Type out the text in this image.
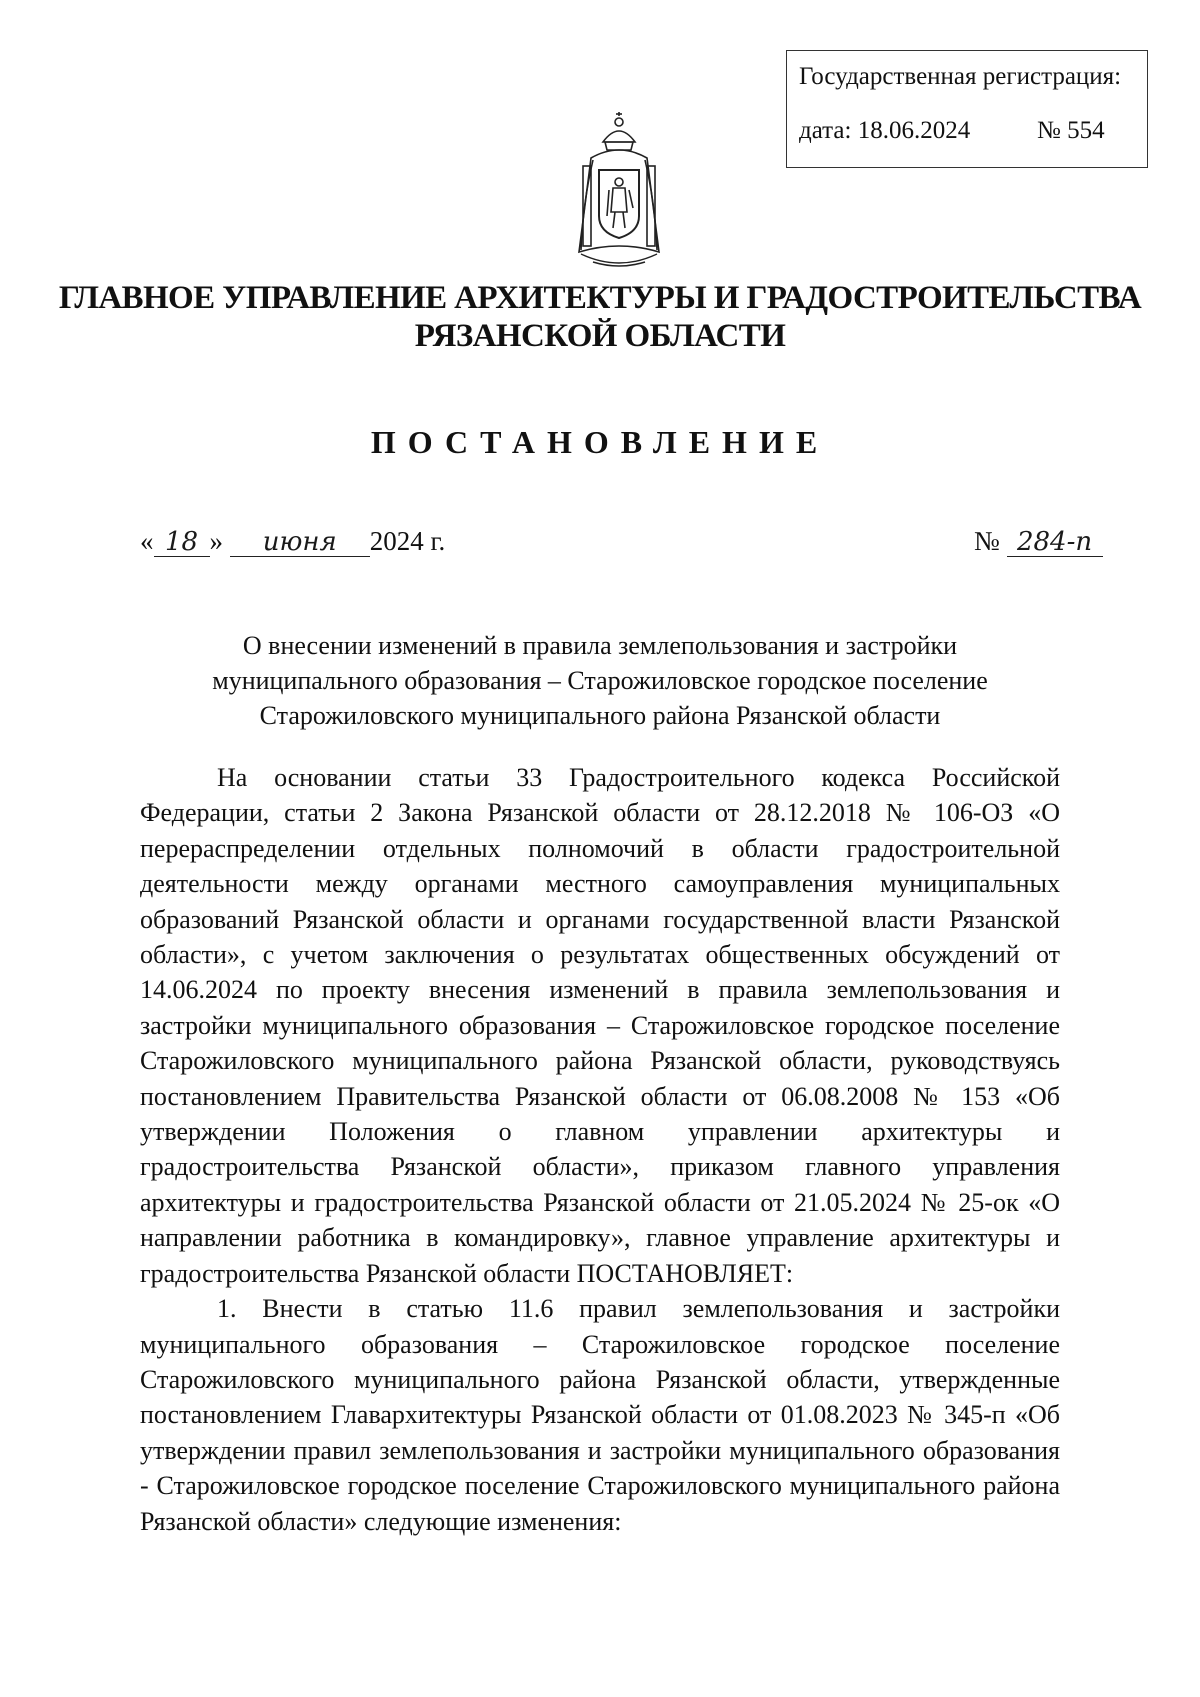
Государственная регистрация:
дата: 18.06.2024	№ 554
ГЛАВНОЕ УПРАВЛЕНИЕ АРХИТЕКТУРЫ И ГРАДОСТРОИТЕЛЬСТВА
РЯЗАНСКОЙ ОБЛАСТИ
ПОСТАНОВЛЕНИЕ
« 18 » июня 2024 г.	№ 284-п
О внесении изменений в правила землепользования и застройки
муниципального образования – Старожиловское городское поселение
Старожиловского муниципального района Рязанской области

На основании статьи 33 Градостроительного кодекса Российской Федерации, статьи 2 Закона Рязанской области от 28.12.2018 № 106-ОЗ «О перераспределении отдельных полномочий в области градостроительной деятельности между органами местного самоуправления муниципальных образований Рязанской области и органами государственной власти Рязанской области», с учетом заключения о результатах общественных обсуждений от 14.06.2024 по проекту внесения изменений в правила землепользования и застройки муниципального образования – Старожиловское городское поселение Старожиловского муниципального района Рязанской области, руководствуясь постановлением Правительства Рязанской области от 06.08.2008 № 153 «Об утверждении Положения о главном управлении архитектуры и градостроительства Рязанской области», приказом главного управления архитектуры и градостроительства Рязанской области от 21.05.2024 № 25-ок «О направлении работника в командировку», главное управление архитектуры и градостроительства Рязанской области ПОСТАНОВЛЯЕТ:

1. Внести в статью 11.6 правил землепользования и застройки муниципального образования – Старожиловское городское поселение Старожиловского муниципального района Рязанской области, утвержденные постановлением Главархитектуры Рязанской области от 01.08.2023 № 345-п «Об утверждении правил землепользования и застройки муниципального образования - Старожиловское городское поселение Старожиловского муниципального района Рязанской области» следующие изменения:
